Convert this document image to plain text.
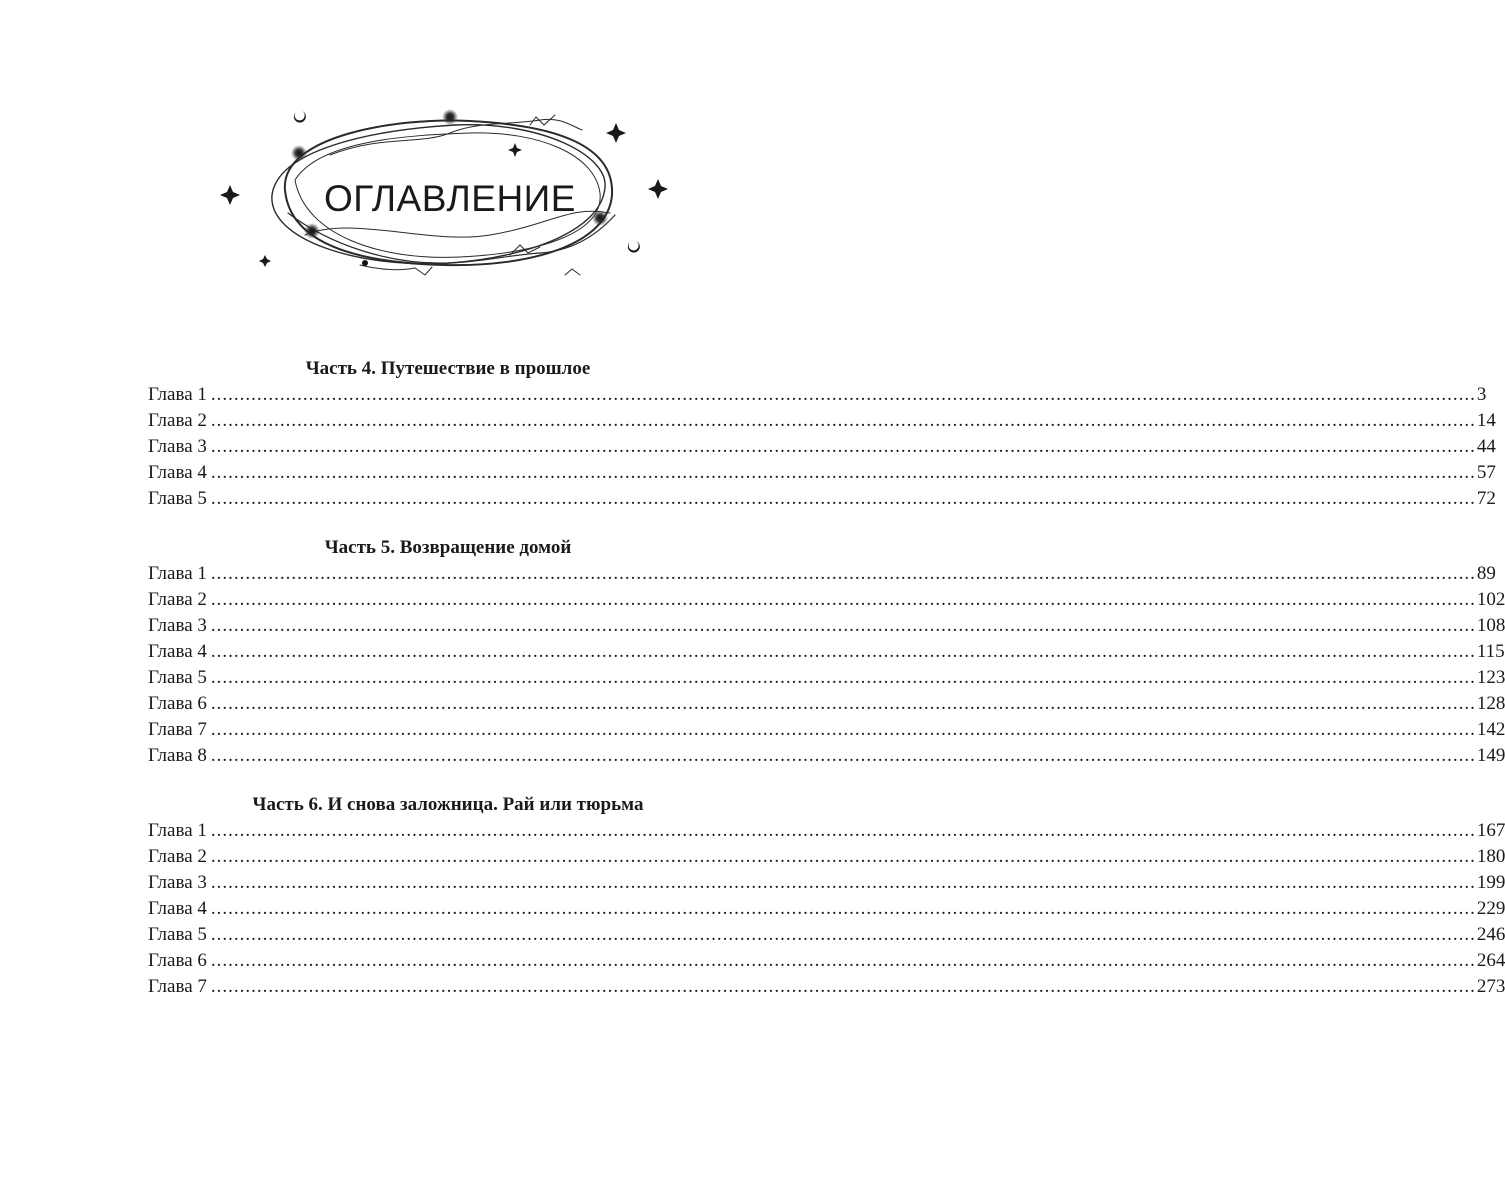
ОГЛАВЛЕНИЕ
Часть 4. Путешествие в прошлое
Глава 1 ............................................................................................................................................................................................................................ 3
Глава 2 ............................................................................................................................................................................................................................ 14
Глава 3 ............................................................................................................................................................................................................................ 44
Глава 4 ............................................................................................................................................................................................................................ 57
Глава 5 ............................................................................................................................................................................................................................ 72
Часть 5. Возвращение домой
Глава 1 ............................................................................................................................................................................................................................ 89
Глава 2 ............................................................................................................................................................................................................................ 102
Глава 3 ............................................................................................................................................................................................................................ 108
Глава 4 ............................................................................................................................................................................................................................ 115
Глава 5 ............................................................................................................................................................................................................................ 123
Глава 6 ............................................................................................................................................................................................................................ 128
Глава 7 ............................................................................................................................................................................................................................ 142
Глава 8 ............................................................................................................................................................................................................................ 149
Часть 6. И снова заложница. Рай или тюрьма
Глава 1 ............................................................................................................................................................................................................................ 167
Глава 2 ............................................................................................................................................................................................................................ 180
Глава 3 ............................................................................................................................................................................................................................ 199
Глава 4 ............................................................................................................................................................................................................................ 229
Глава 5 ............................................................................................................................................................................................................................ 246
Глава 6 ............................................................................................................................................................................................................................ 264
Глава 7 ............................................................................................................................................................................................................................ 273
